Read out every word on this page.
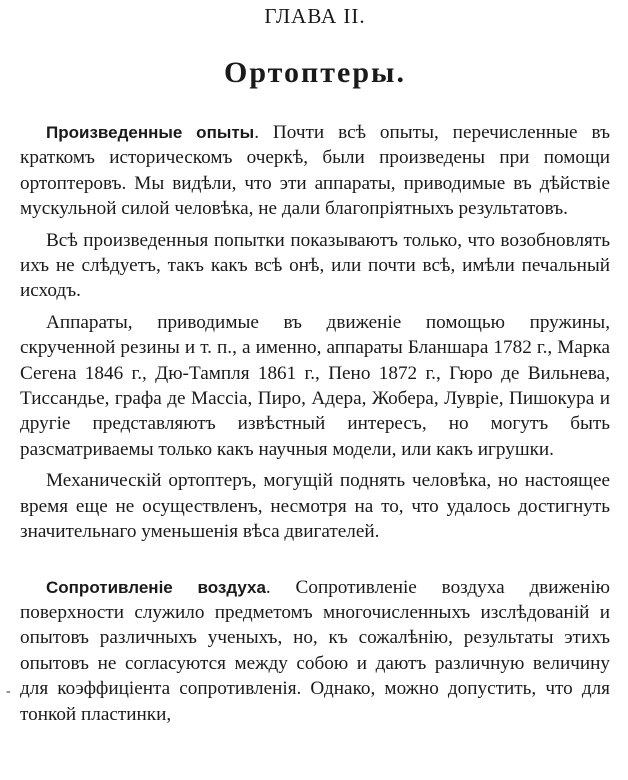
ГЛАВА II.
Ортоптеры.

Произведенные опыты. Почти всѣ опыты, перечисленные въ краткомъ историческомъ очеркѣ, были произведены при помощи ортоптеровъ. Мы видѣли, что эти аппараты, приводимые въ дѣйствіе мускульной силой человѣка, не дали благопріятныхъ результатовъ.

Всѣ произведенныя попытки показываютъ только, что возобновлять ихъ не слѣдуетъ, такъ какъ всѣ онѣ, или почти всѣ, имѣли печальный исходъ.

Аппараты, приводимые въ движеніе помощью пружины, скрученной резины и т. п., а именно, аппараты Бланшара 1782 г., Марка Сегена 1846 г., Дю-Тампля 1861 г., Пено 1872 г., Гюро де Вильнева, Тиссандье, графа де Массіа, Пиро, Адера, Жобера, Луврiе, Пишокура и другіе представляютъ извѣстный интересъ, но могутъ быть разсматриваемы только какъ научныя модели, или какъ игрушки.

Механическій ортоптеръ, могущій поднять человѣка, но настоящее время еще не осуществленъ, несмотря на то, что удалось достигнуть значительнаго уменьшенія вѣса двигателей.

Сопротивленіе воздуха. Сопротивленіе воздуха движенію поверхности служило предметомъ многочисленныхъ изслѣдованій и опытовъ различныхъ ученыхъ, но, къ сожалѣнію, результаты этихъ опытовъ не согласуются между собою и даютъ различную величину для коэффиціента сопротивленія. Однако, можно допустить, что для тонкой пластинки,

-
